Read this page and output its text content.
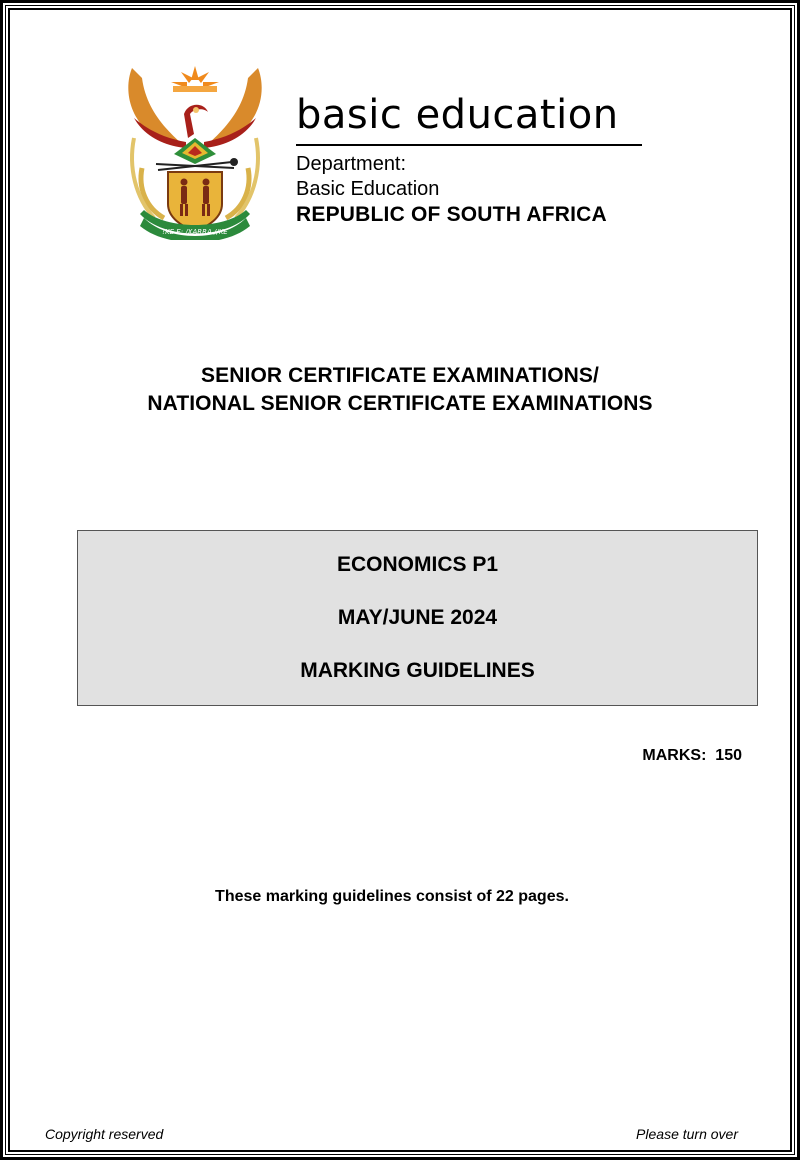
!KE E: /XARRA //KE
basic education
Department:
Basic Education
REPUBLIC OF SOUTH AFRICA
SENIOR CERTIFICATE EXAMINATIONS/
NATIONAL SENIOR CERTIFICATE EXAMINATIONS
ECONOMICS P1
MAY/JUNE 2024
MARKING GUIDELINES
MARKS:  150
These marking guidelines consist of 22 pages.
Copyright reserved	Please turn over
